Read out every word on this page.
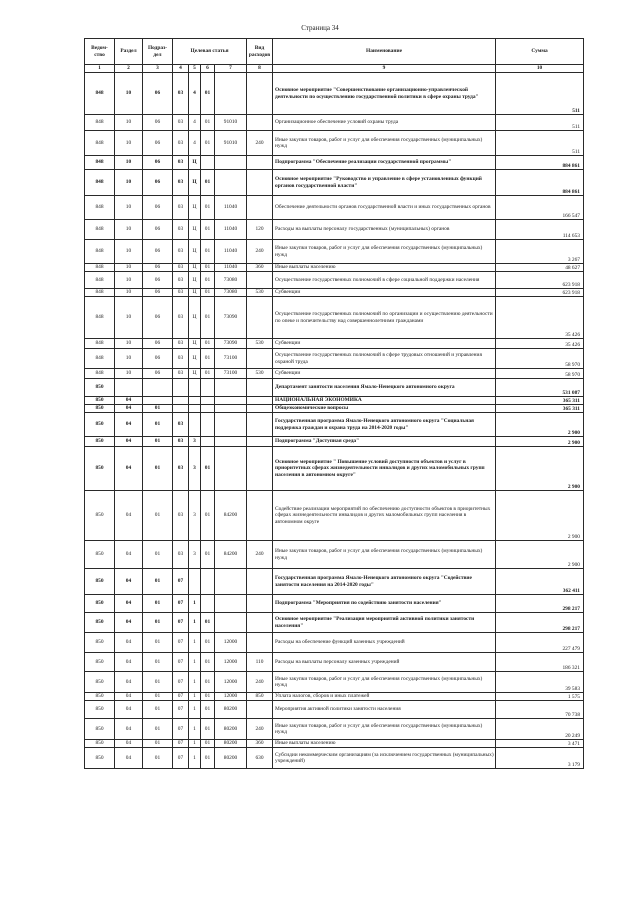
Страница 34
Ведом-ство	Раздел	Подраз-дел	Целевая статья				Вид расходов	Наименование	Сумма
1	2	3	4	5	6	7	8	9	10
848	10	06	03	4	01			Основное мероприятие "Совершенствование организационно-управленческой деятельности по осуществлению государственной политики в сфере охраны труда"	511
848	10	06	03	4	01	91010		Организационное обеспечение условий охраны труда	511
848	10	06	03	4	01	91010	240	Иные закупки товаров, работ и услуг для обеспечения государственных (муниципальных) нужд	511
848	10	06	03	Ц				Подпрограмма "Обеспечение реализации государственной программы"	884 861
848	10	06	03	Ц	01			Основное мероприятие "Руководство и управление в сфере установленных функций органов государственной власти"	884 861
848	10	06	03	Ц	01	11040		Обеспечение деятельности органов государственной власти и иных государственных органов	166 547
848	10	06	03	Ц	01	11040	120	Расходы на выплаты персоналу государственных (муниципальных) органов	114 653
848	10	06	03	Ц	01	11040	240	Иные закупки товаров, работ и услуг для обеспечения государственных (муниципальных) нужд	3 267
848	10	06	03	Ц	01	11040	360	Иные выплаты населению	48 627
848	10	06	03	Ц	01	73080		Осуществление государственных полномочий в сфере социальной поддержки населения	623 918
848	10	06	03	Ц	01	73080	530	Субвенции	623 918
848	10	06	03	Ц	01	73090		Осуществление государственных полномочий по организации и осуществлению деятельности по опеке и попечительству над совершеннолетними гражданами	35 426
848	10	06	03	Ц	01	73090	530	Субвенции	35 426
848	10	06	03	Ц	01	73100		Осуществление государственных полномочий в сфере трудовых отношений и управления охраной труда	58 970
848	10	06	03	Ц	01	73100	530	Субвенции	58 970
850								Департамент занятости населения Ямало-Ненецкого автономного округа	531 087
850	04							НАЦИОНАЛЬНАЯ ЭКОНОМИКА	365 311
850	04	01						Общеэкономические вопросы	365 311
850	04	01	03					Государственная программа Ямало-Ненецкого автономного округа "Социальная поддержка граждан и охрана труда на 2014-2020 годы"	2 900
850	04	01	03	3				Подпрограмма "Доступная среда"	2 900
850	04	01	03	3	01			Основное мероприятие " Повышение условий доступности объектов и услуг в приоритетных сферах жизнедеятельности инвалидов и других маломобильных групп населения в автономном округе"	2 900
850	04	01	03	3	01	84200		Содействие реализации мероприятий по обеспечению доступности объектов в приоритетных сферах жизнедеятельности инвалидов и других маломобильных групп населения в автономном округе	2 900
850	04	01	03	3	01	84200	240	Иные закупки товаров, работ и услуг для обеспечения государственных (муниципальных) нужд	2 900
850	04	01	07					Государственная программа Ямало-Ненецкого автономного округа "Содействие занятости населения на 2014-2020 годы"	362 411
850	04	01	07	1				Подпрограмма "Мероприятия по содействию занятости населения"	298 217
850	04	01	07	1	01			Основное мероприятие "Реализация мероприятий активной политики занятости населения"	298 217
850	04	01	07	1	01	12000		Расходы на обеспечение функций казенных учреждений	227 479
850	04	01	07	1	01	12000	110	Расходы на выплаты персоналу казенных учреждений	186 321
850	04	01	07	1	01	12000	240	Иные закупки товаров, работ и услуг для обеспечения государственных (муниципальных) нужд	39 583
850	04	01	07	1	01	12000	850	Уплата налогов, сборов и иных платежей	1 575
850	04	01	07	1	01	80200		Мероприятия активной политики занятости населения	70 738
850	04	01	07	1	01	80200	240	Иные закупки товаров, работ и услуг для обеспечения государственных (муниципальных) нужд	20 249
850	04	01	07	1	01	80200	360	Иные выплаты населению	3 471
850	04	01	07	1	01	80200	630	Субсидии некоммерческим организациям (за исключением государственных (муниципальных) учреждений)	3 179
